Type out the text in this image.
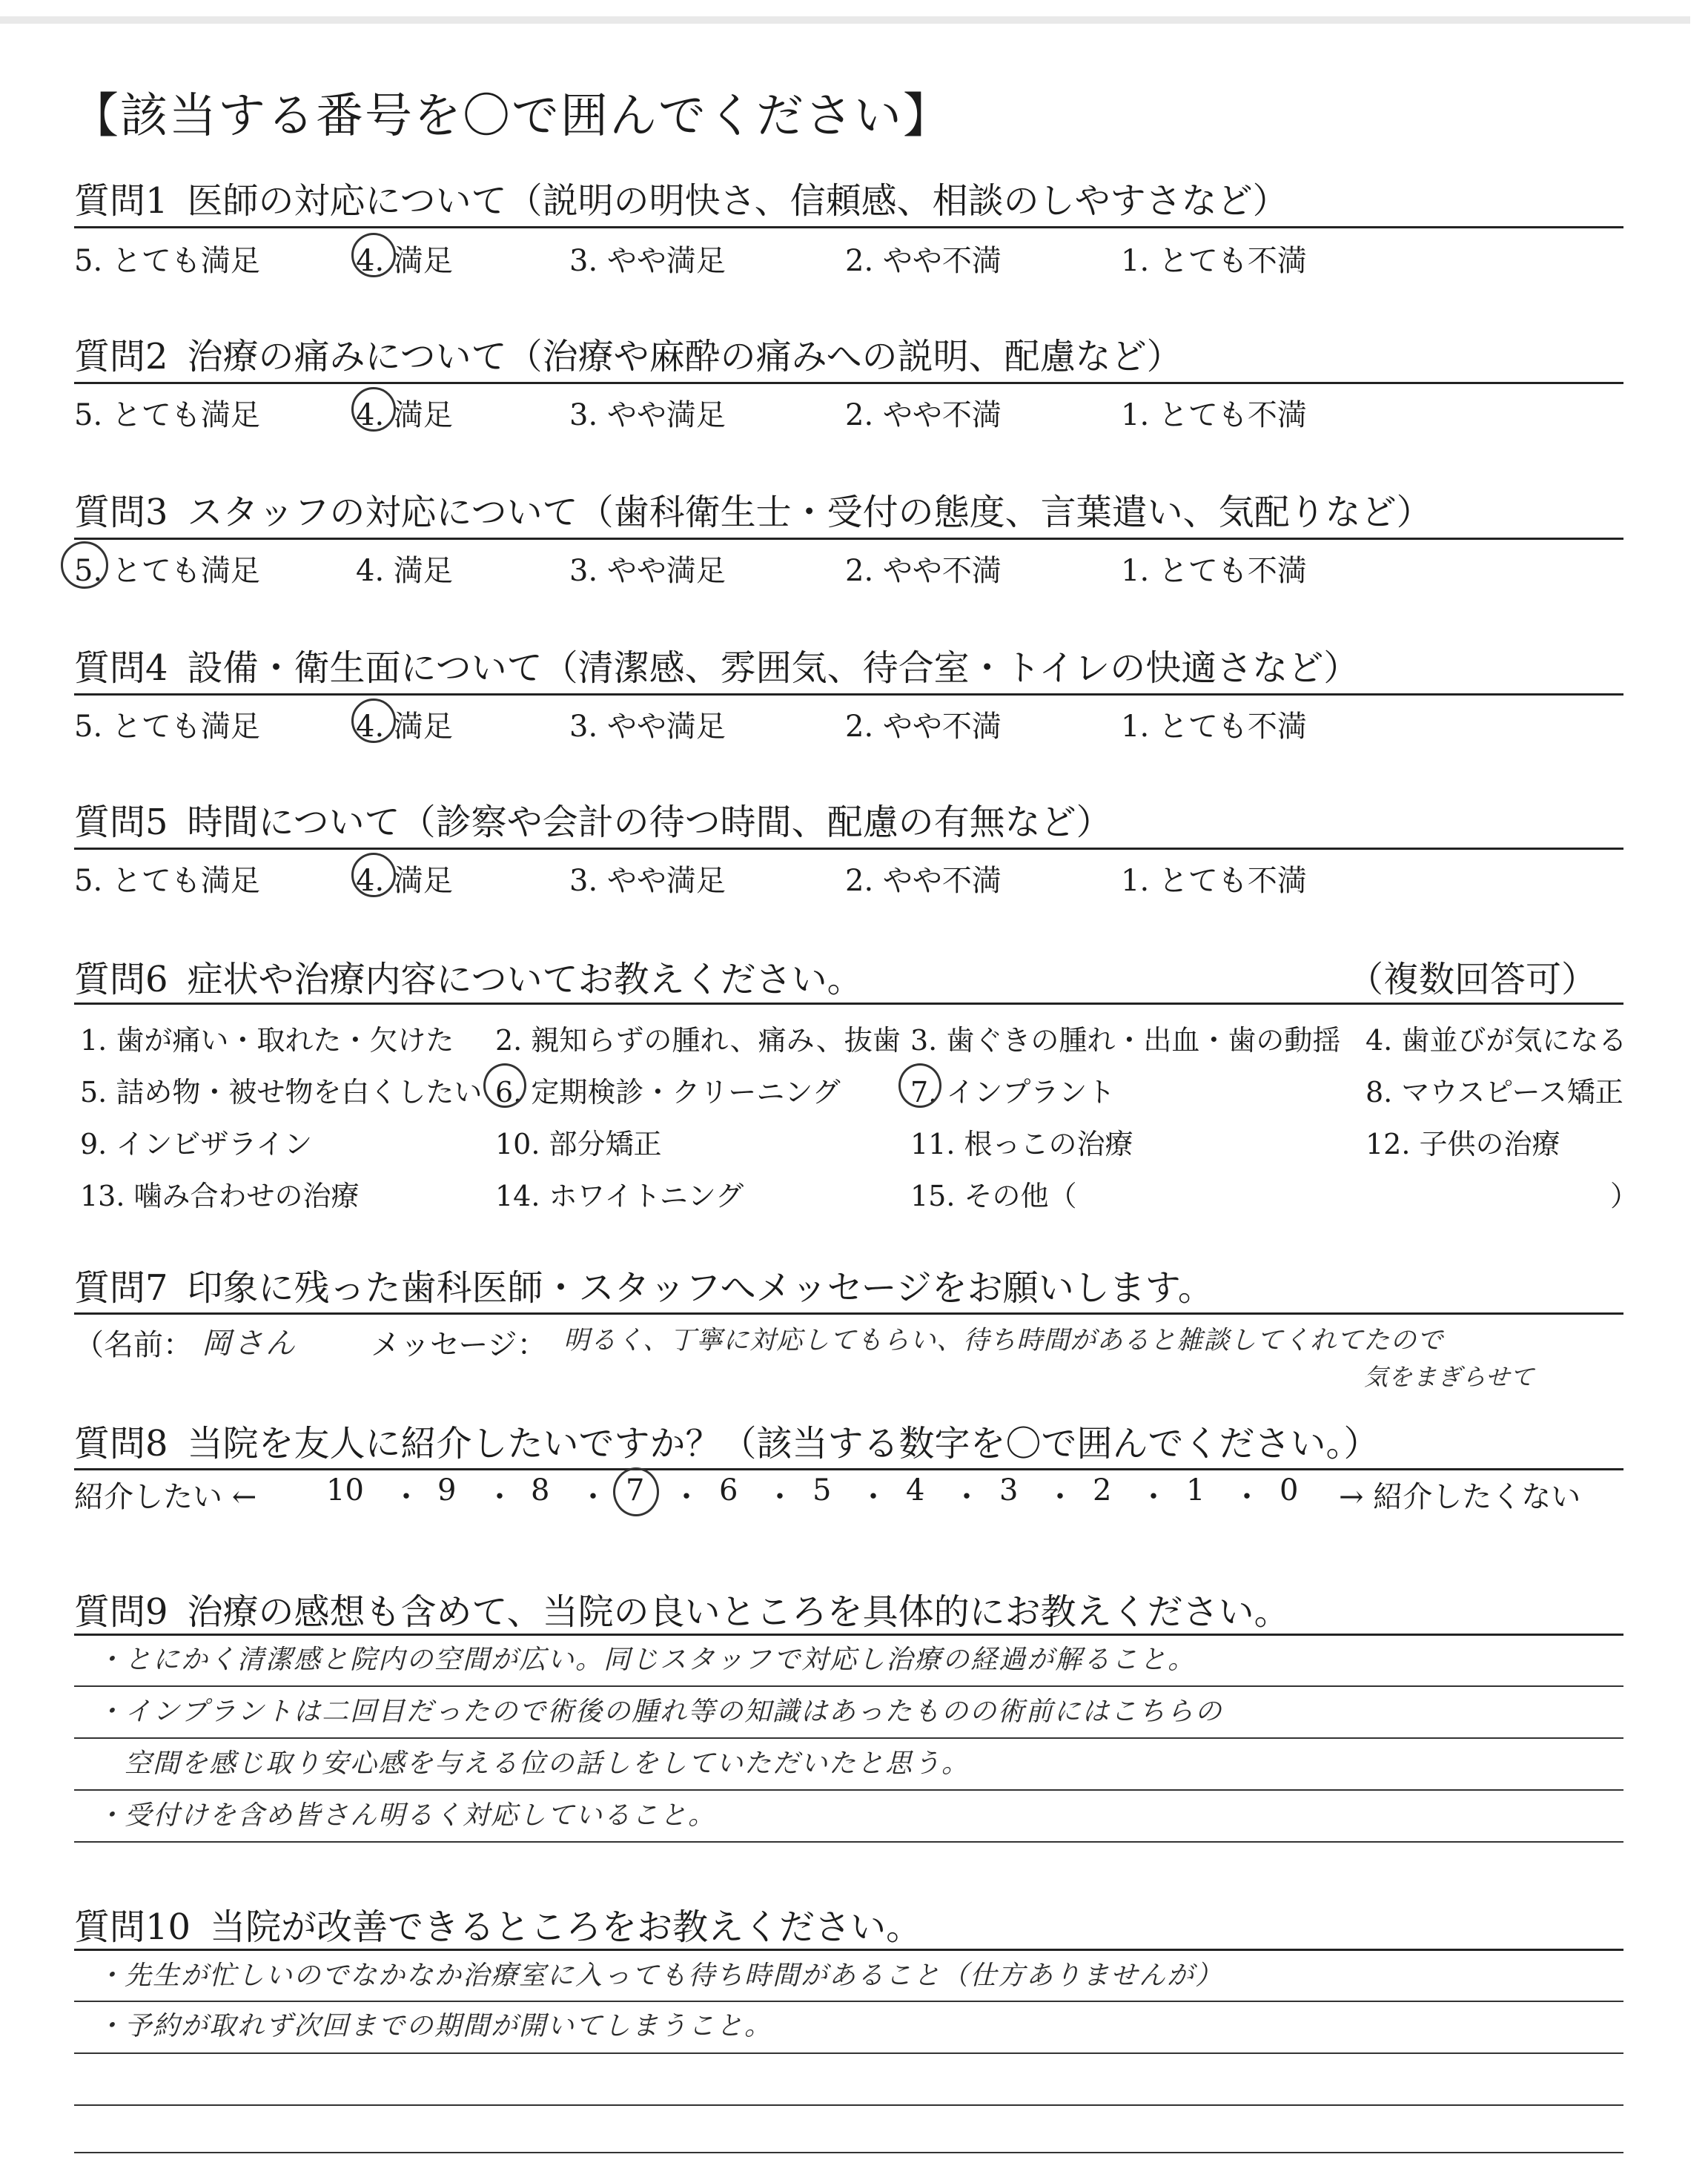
【該当する番号を〇で囲んでください】
質問1 医師の対応について（説明の明快さ、信頼感、相談のしやすさなど）
5. とても満足	4. 満足	3. やや満足	2. やや不満	1. とても不満
質問2 治療の痛みについて（治療や麻酔の痛みへの説明、配慮など）
5. とても満足	4. 満足	3. やや満足	2. やや不満	1. とても不満
質問3 スタッフの対応について（歯科衛生士・受付の態度、言葉遣い、気配りなど）
5. とても満足	4. 満足	3. やや満足	2. やや不満	1. とても不満
質問4 設備・衛生面について（清潔感、雰囲気、待合室・トイレの快適さなど）
5. とても満足	4. 満足	3. やや満足	2. やや不満	1. とても不満
質問5 時間について（診察や会計の待つ時間、配慮の有無など）
5. とても満足	4. 満足	3. やや満足	2. やや不満	1. とても不満
質問6 症状や治療内容についてお教えください。	（複数回答可）
1. 歯が痛い・取れた・欠けた 2. 親知らずの腫れ、痛み、抜歯 3. 歯ぐきの腫れ・出血・歯の動揺 4. 歯並びが気になる
5. 詰め物・被せ物を白くしたい 6. 定期検診・クリーニング 7. インプラント	8. マウスピース矯正
9. インビザライン	10. 部分矯正	11. 根っこの治療	12. 子供の治療
13. 噛み合わせの治療	14. ホワイトニング	15. その他（	）
質問7 印象に残った歯科医師・スタッフへメッセージをお願いします。
（名前： 岡さん メッセージ： 明るく、丁寧に対応してもらい、待ち時間があると雑談してくれてたので
気をまぎらせて
質問8 当院を友人に紹介したいですか？（該当する数字を〇で囲んでください。）
紹介したい ← 10 ・ 9 ・ 8 ・ 7 ・ 6 ・ 5 ・ 4 ・ 3 ・ 2 ・ 1 ・ 0 → 紹介したくない
質問9 治療の感想も含めて、当院の良いところを具体的にお教えください。
・とにかく清潔感と院内の空間が広い。同じスタッフで対応し治療の経過が解ること。
・インプラントは二回目だったので術後の腫れ等の知識はあったものの術前にはこちらの
　空間を感じ取り安心感を与える位の話しをしていただいたと思う。
・受付けを含め皆さん明るく対応していること。
質問10 当院が改善できるところをお教えください。
・先生が忙しいのでなかなか治療室に入っても待ち時間があること（仕方ありませんが）
・予約が取れず次回までの期間が開いてしまうこと。
